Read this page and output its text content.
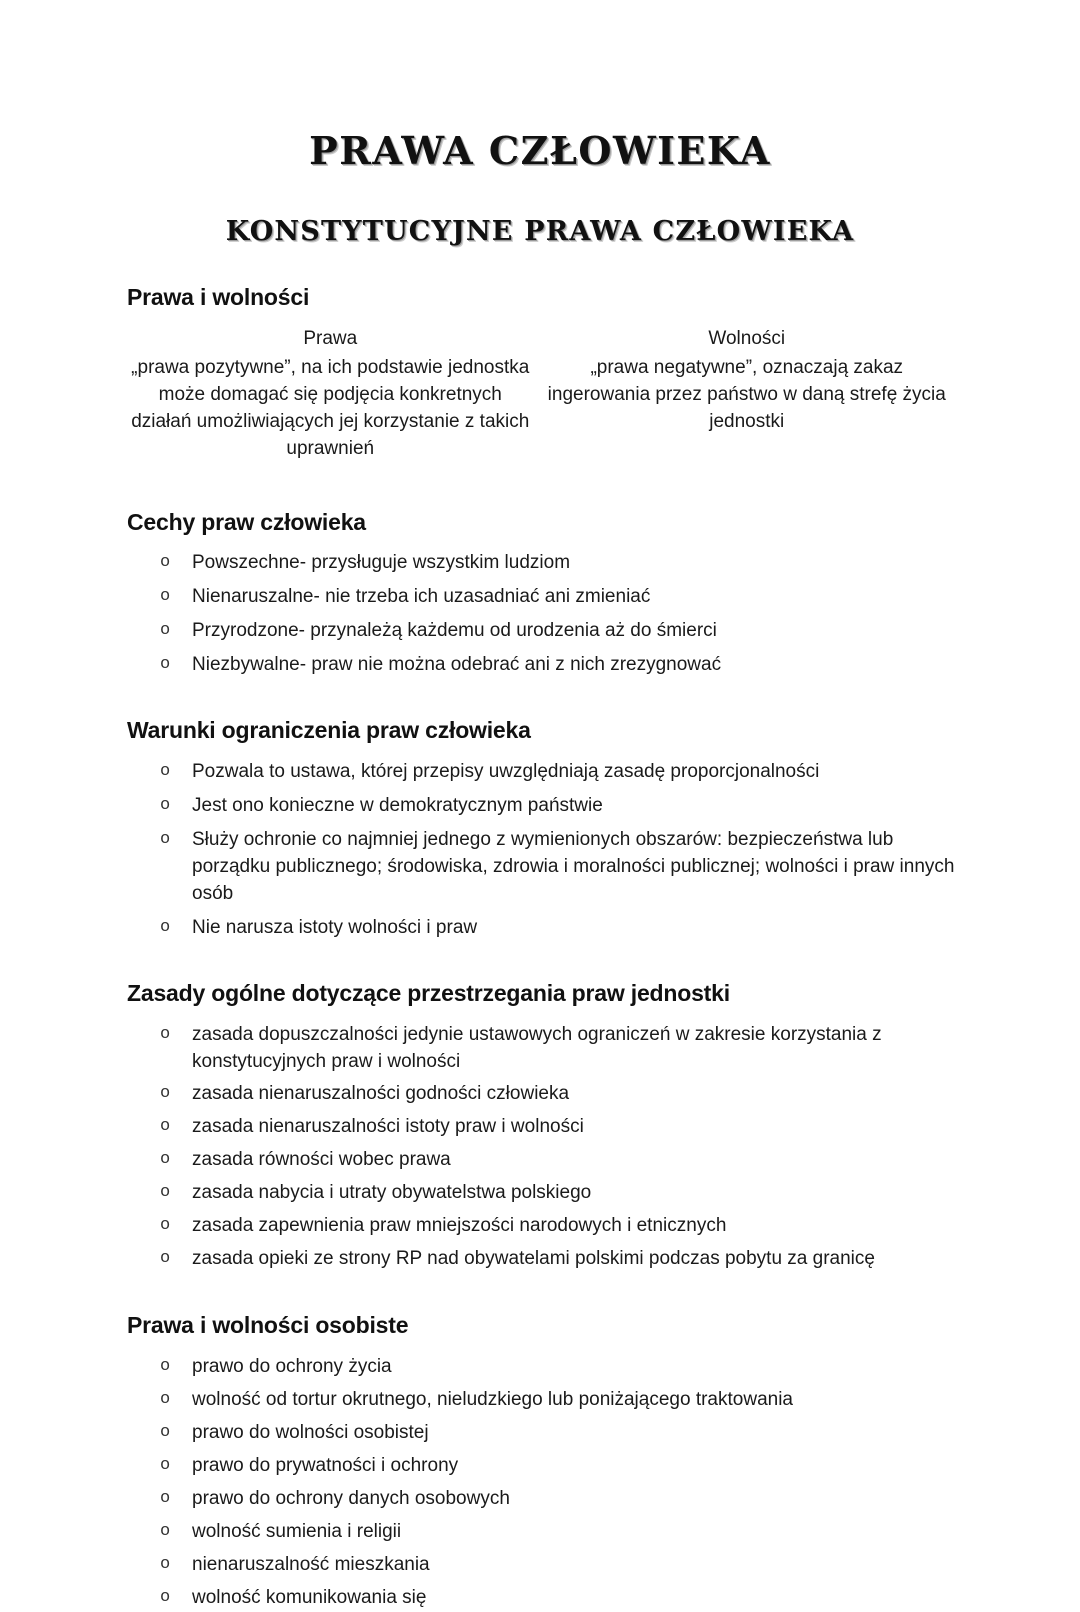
PRAWA CZŁOWIEKA
KONSTYTUCYJNE PRAWA CZŁOWIEKA
Prawa i wolności
Prawa
„prawa pozytywne”, na ich podstawie jednostka może domagać się podjęcia konkretnych działań umożliwiających jej korzystanie z takich uprawnień
Wolności
„prawa negatywne”, oznaczają zakaz ingerowania przez państwo w daną strefę życia jednostki
Cechy praw człowieka
o Powszechne- przysługuje wszystkim ludziom
o Nienaruszalne- nie trzeba ich uzasadniać ani zmieniać
o Przyrodzone- przynależą każdemu od urodzenia aż do śmierci
o Niezbywalne- praw nie można odebrać ani z nich zrezygnować
Warunki ograniczenia praw człowieka
o Pozwala to ustawa, której przepisy uwzględniają zasadę proporcjonalności
o Jest ono konieczne w demokratycznym państwie
o Służy ochronie co najmniej jednego z wymienionych obszarów: bezpieczeństwa lub porządku publicznego; środowiska, zdrowia i moralności publicznej; wolności i praw innych osób
o Nie narusza istoty wolności i praw
Zasady ogólne dotyczące przestrzegania praw jednostki
o zasada dopuszczalności jedynie ustawowych ograniczeń w zakresie korzystania z konstytucyjnych praw i wolności
o zasada nienaruszalności godności człowieka
o zasada nienaruszalności istoty praw i wolności
o zasada równości wobec prawa
o zasada nabycia i utraty obywatelstwa polskiego
o zasada zapewnienia praw mniejszości narodowych i etnicznych
o zasada opieki ze strony RP nad obywatelami polskimi podczas pobytu za granicę
Prawa i wolności osobiste
o prawo do ochrony życia
o wolność od tortur okrutnego, nieludzkiego lub poniżającego traktowania
o prawo do wolności osobistej
o prawo do prywatności i ochrony
o prawo do ochrony danych osobowych
o wolność sumienia i religii
o nienaruszalność mieszkania
o wolność komunikowania się
